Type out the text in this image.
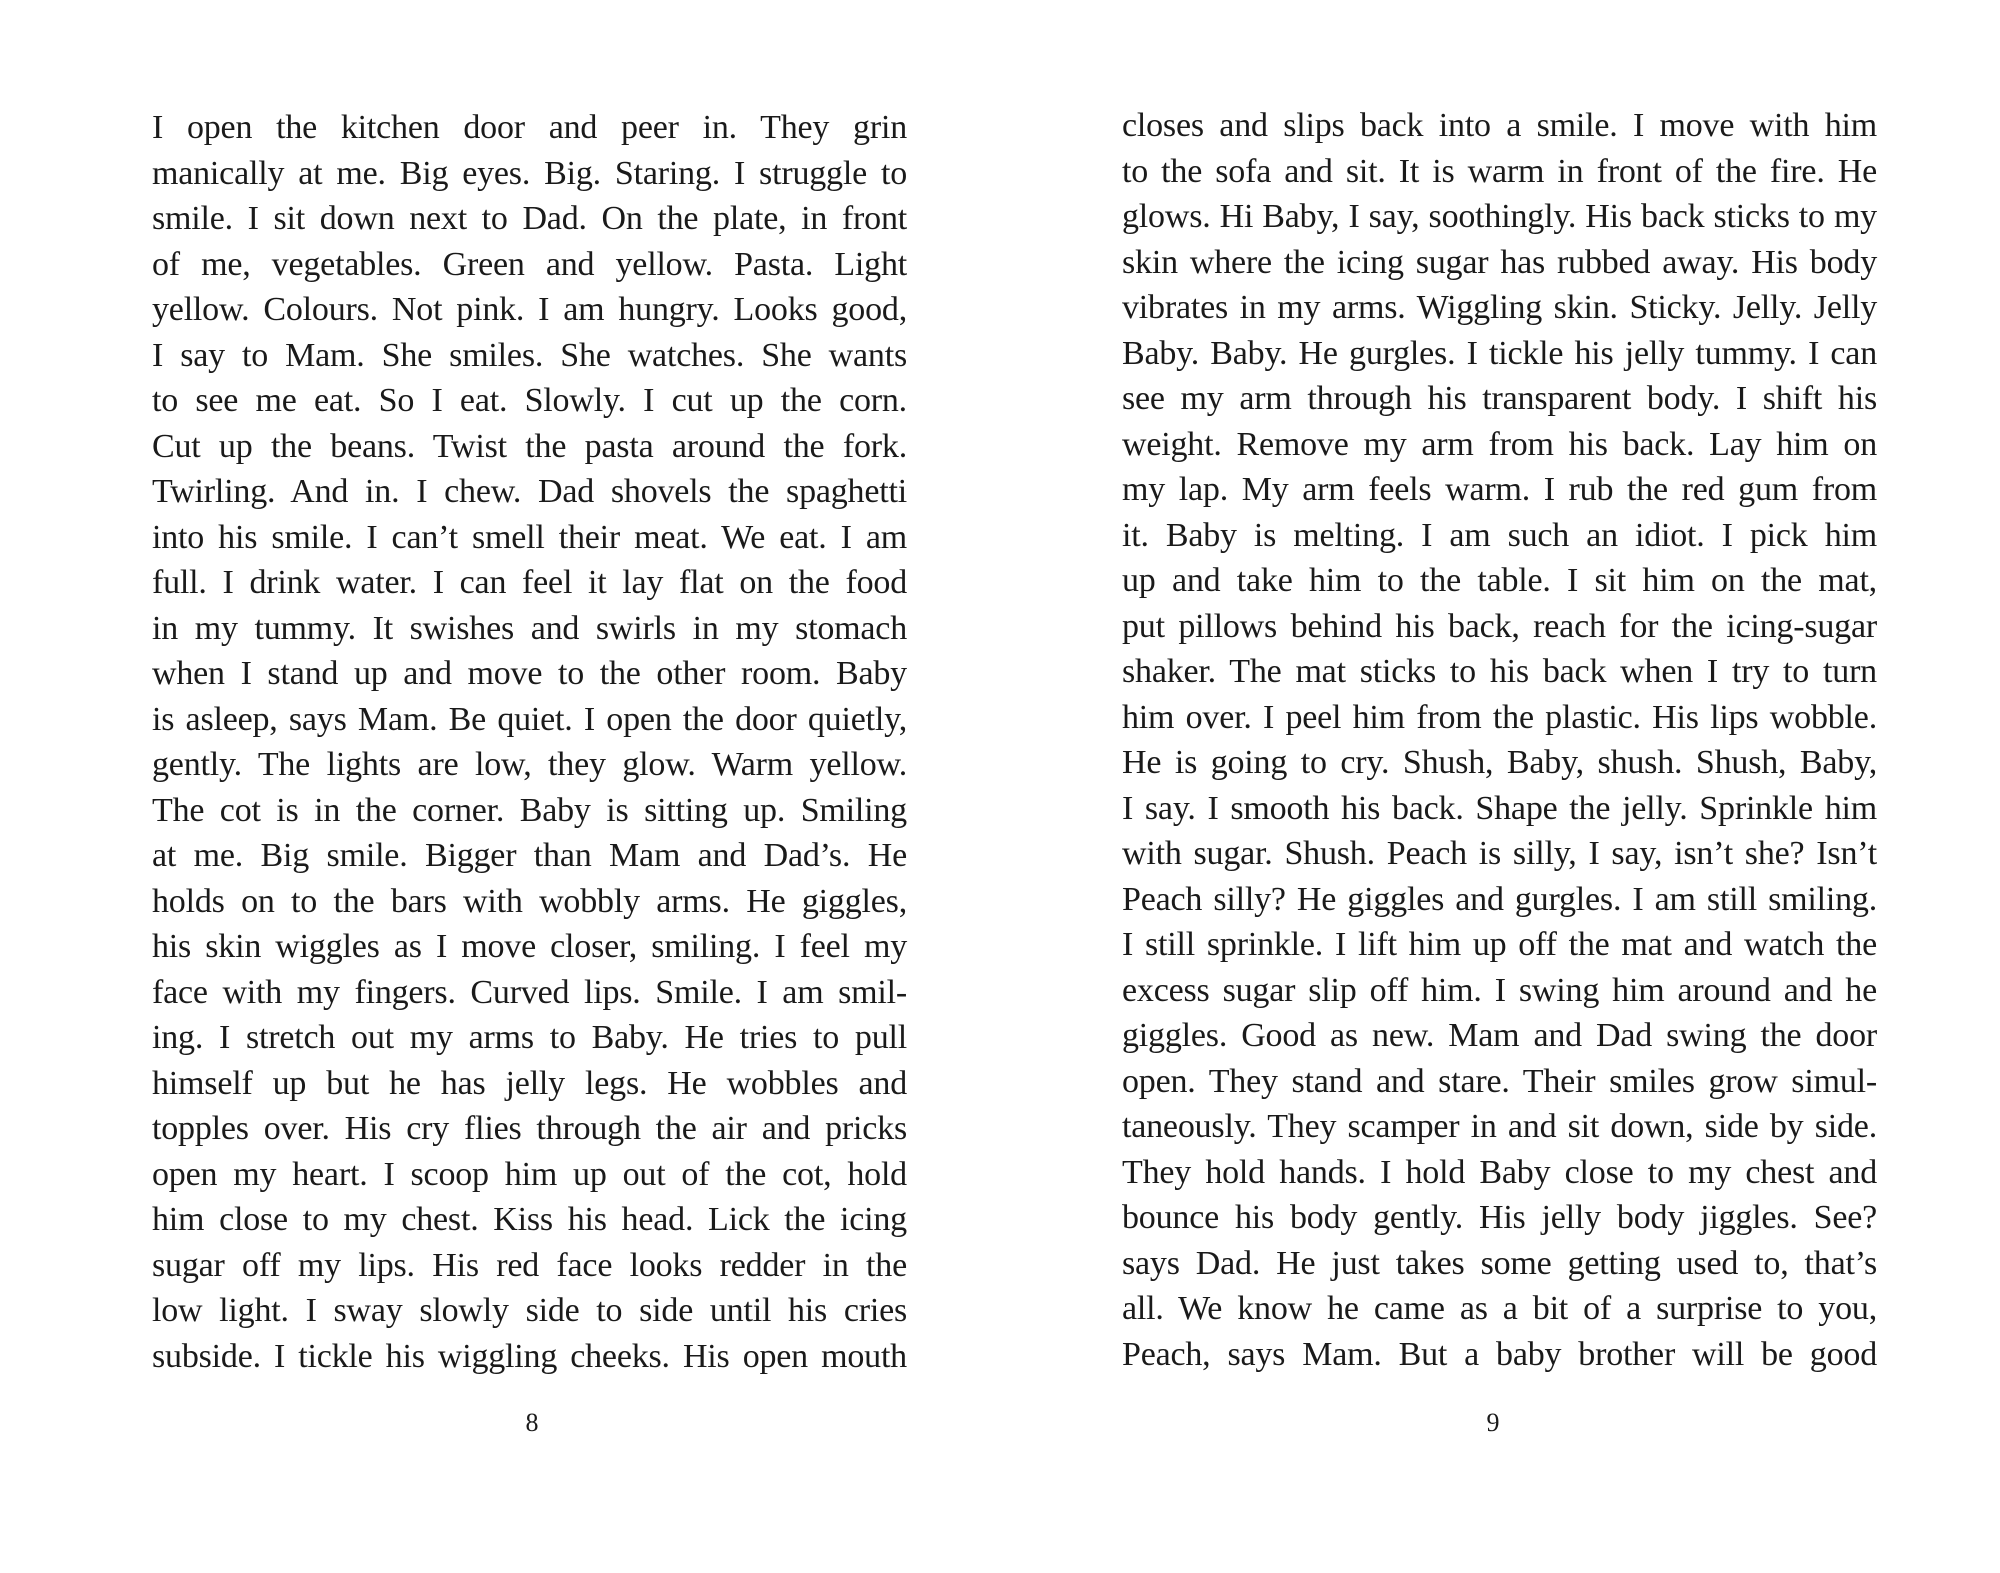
I open the kitchen door and peer in. They grin
manically at me. Big eyes. Big. Staring. I struggle to
smile. I sit down next to Dad. On the plate, in front
of me, vegetables. Green and yellow. Pasta. Light
yellow. Colours. Not pink. I am hungry. Looks good,
I say to Mam. She smiles. She watches. She wants
to see me eat. So I eat. Slowly. I cut up the corn.
Cut up the beans. Twist the pasta around the fork.
Twirling. And in. I chew. Dad shovels the spaghetti
into his smile. I can’t smell their meat. We eat. I am
full. I drink water. I can feel it lay flat on the food
in my tummy. It swishes and swirls in my stomach
when I stand up and move to the other room. Baby
is asleep, says Mam. Be quiet. I open the door quietly,
gently. The lights are low, they glow. Warm yellow.
The cot is in the corner. Baby is sitting up. Smiling
at me. Big smile. Bigger than Mam and Dad’s. He
holds on to the bars with wobbly arms. He giggles,
his skin wiggles as I move closer, smiling. I feel my
face with my fingers. Curved lips. Smile. I am smil-
ing. I stretch out my arms to Baby. He tries to pull
himself up but he has jelly legs. He wobbles and
topples over. His cry flies through the air and pricks
open my heart. I scoop him up out of the cot, hold
him close to my chest. Kiss his head. Lick the icing
sugar off my lips. His red face looks redder in the
low light. I sway slowly side to side until his cries
subside. I tickle his wiggling cheeks. His open mouth
8
closes and slips back into a smile. I move with him
to the sofa and sit. It is warm in front of the fire. He
glows. Hi Baby, I say, soothingly. His back sticks to my
skin where the icing sugar has rubbed away. His body
vibrates in my arms. Wiggling skin. Sticky. Jelly. Jelly
Baby. Baby. He gurgles. I tickle his jelly tummy. I can
see my arm through his transparent body. I shift his
weight. Remove my arm from his back. Lay him on
my lap. My arm feels warm. I rub the red gum from
it. Baby is melting. I am such an idiot. I pick him
up and take him to the table. I sit him on the mat,
put pillows behind his back, reach for the icing-sugar
shaker. The mat sticks to his back when I try to turn
him over. I peel him from the plastic. His lips wobble.
He is going to cry. Shush, Baby, shush. Shush, Baby,
I say. I smooth his back. Shape the jelly. Sprinkle him
with sugar. Shush. Peach is silly, I say, isn’t she? Isn’t
Peach silly? He giggles and gurgles. I am still smiling.
I still sprinkle. I lift him up off the mat and watch the
excess sugar slip off him. I swing him around and he
giggles. Good as new. Mam and Dad swing the door
open. They stand and stare. Their smiles grow simul-
taneously. They scamper in and sit down, side by side.
They hold hands. I hold Baby close to my chest and
bounce his body gently. His jelly body jiggles. See?
says Dad. He just takes some getting used to, that’s
all. We know he came as a bit of a surprise to you,
Peach, says Mam. But a baby brother will be good
9
